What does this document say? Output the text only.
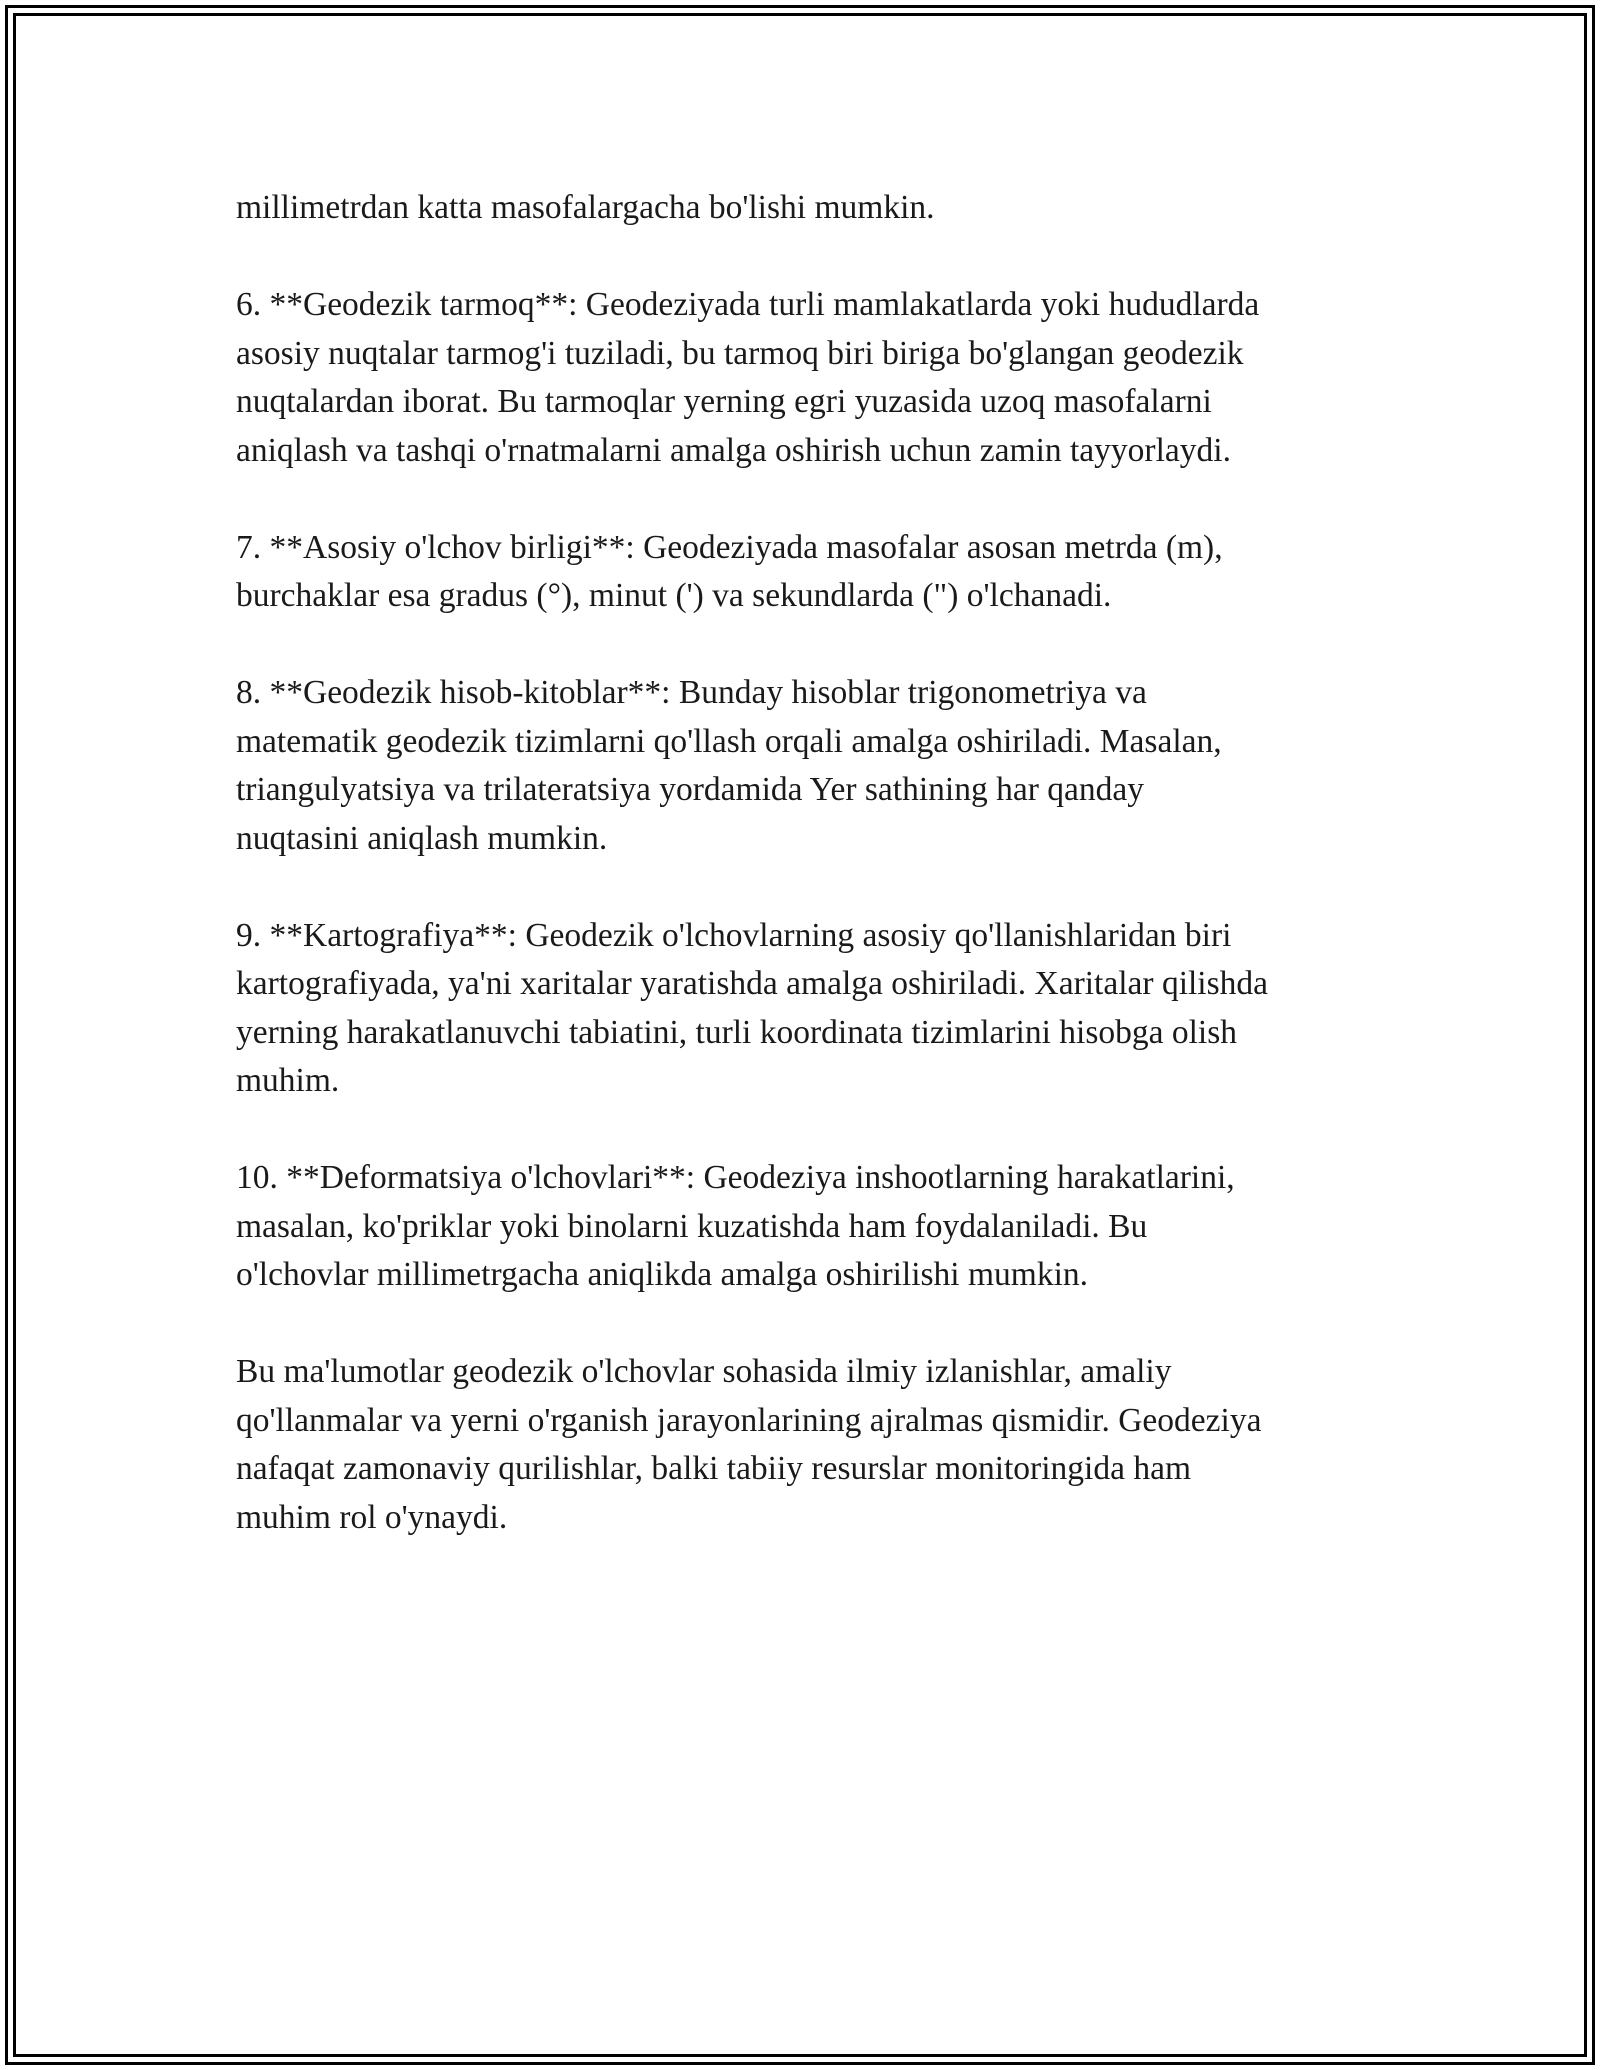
millimetrdan katta masofalargacha bo'lishi mumkin.

6. **Geodezik tarmoq**: Geodeziyada turli mamlakatlarda yoki hududlarda
asosiy nuqtalar tarmog'i tuziladi, bu tarmoq biri biriga bo'glangan geodezik
nuqtalardan iborat. Bu tarmoqlar yerning egri yuzasida uzoq masofalarni
aniqlash va tashqi o'rnatmalarni amalga oshirish uchun zamin tayyorlaydi.

7. **Asosiy o'lchov birligi**: Geodeziyada masofalar asosan metrda (m),
burchaklar esa gradus (°), minut (') va sekundlarda (") o'lchanadi.

8. **Geodezik hisob-kitoblar**: Bunday hisoblar trigonometriya va
matematik geodezik tizimlarni qo'llash orqali amalga oshiriladi. Masalan,
triangulyatsiya va trilateratsiya yordamida Yer sathining har qanday
nuqtasini aniqlash mumkin.

9. **Kartografiya**: Geodezik o'lchovlarning asosiy qo'llanishlaridan biri
kartografiyada, ya'ni xaritalar yaratishda amalga oshiriladi. Xaritalar qilishda
yerning harakatlanuvchi tabiatini, turli koordinata tizimlarini hisobga olish
muhim.

10. **Deformatsiya o'lchovlari**: Geodeziya inshootlarning harakatlarini,
masalan, ko'priklar yoki binolarni kuzatishda ham foydalaniladi. Bu
o'lchovlar millimetrgacha aniqlikda amalga oshirilishi mumkin.

Bu ma'lumotlar geodezik o'lchovlar sohasida ilmiy izlanishlar, amaliy
qo'llanmalar va yerni o'rganish jarayonlarining ajralmas qismidir. Geodeziya
nafaqat zamonaviy qurilishlar, balki tabiiy resurslar monitoringida ham
muhim rol o'ynaydi.
